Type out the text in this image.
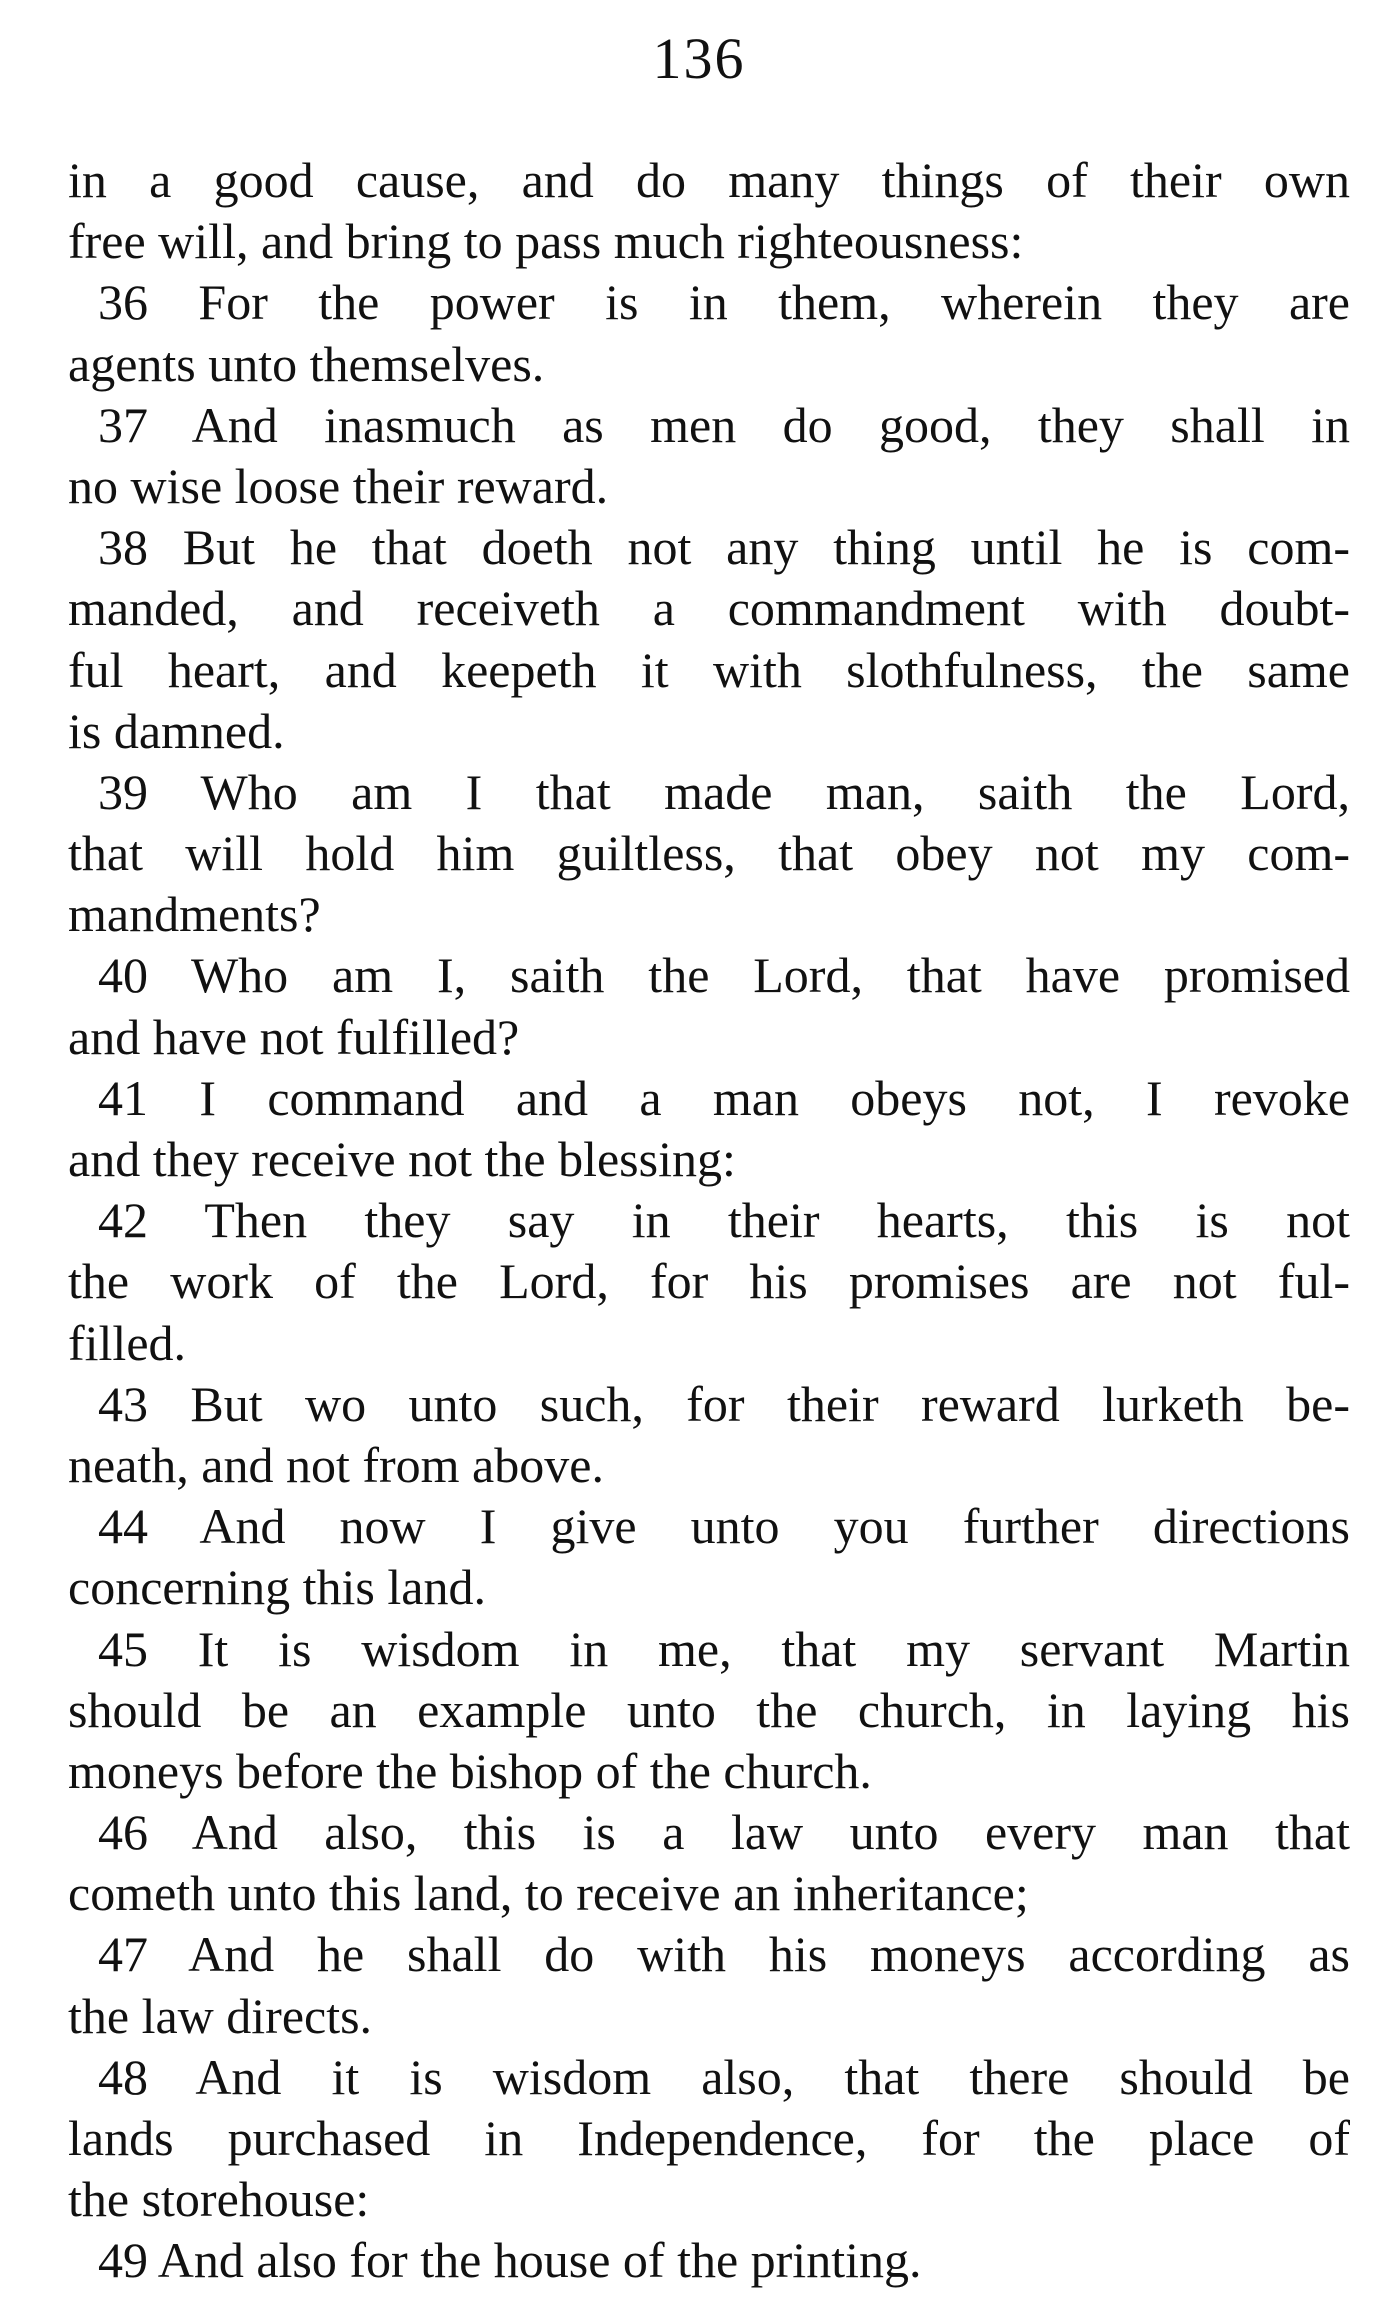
136
in a good cause, and do many things of their own
free will, and bring to pass much righteousness:
36 For the power is in them, wherein they are
agents unto themselves.
37 And inasmuch as men do good, they shall in
no wise loose their reward.
38 But he that doeth not any thing until he is com-
manded, and receiveth a commandment with doubt-
ful heart, and keepeth it with slothfulness, the same
is damned.
39 Who am I that made man, saith the Lord,
that will hold him guiltless, that obey not my com-
mandments?
40 Who am I, saith the Lord, that have promised
and have not fulfilled?
41 I command and a man obeys not, I revoke
and they receive not the blessing:
42 Then they say in their hearts, this is not
the work of the Lord, for his promises are not ful-
filled.
43 But wo unto such, for their reward lurketh be-
neath, and not from above.
44 And now I give unto you further directions
concerning this land.
45 It is wisdom in me, that my servant Martin
should be an example unto the church, in laying his
moneys before the bishop of the church.
46 And also, this is a law unto every man that
cometh unto this land, to receive an inheritance;
47 And he shall do with his moneys according as
the law directs.
48 And it is wisdom also, that there should be
lands purchased in Independence, for the place of
the storehouse:
49 And also for the house of the printing.
